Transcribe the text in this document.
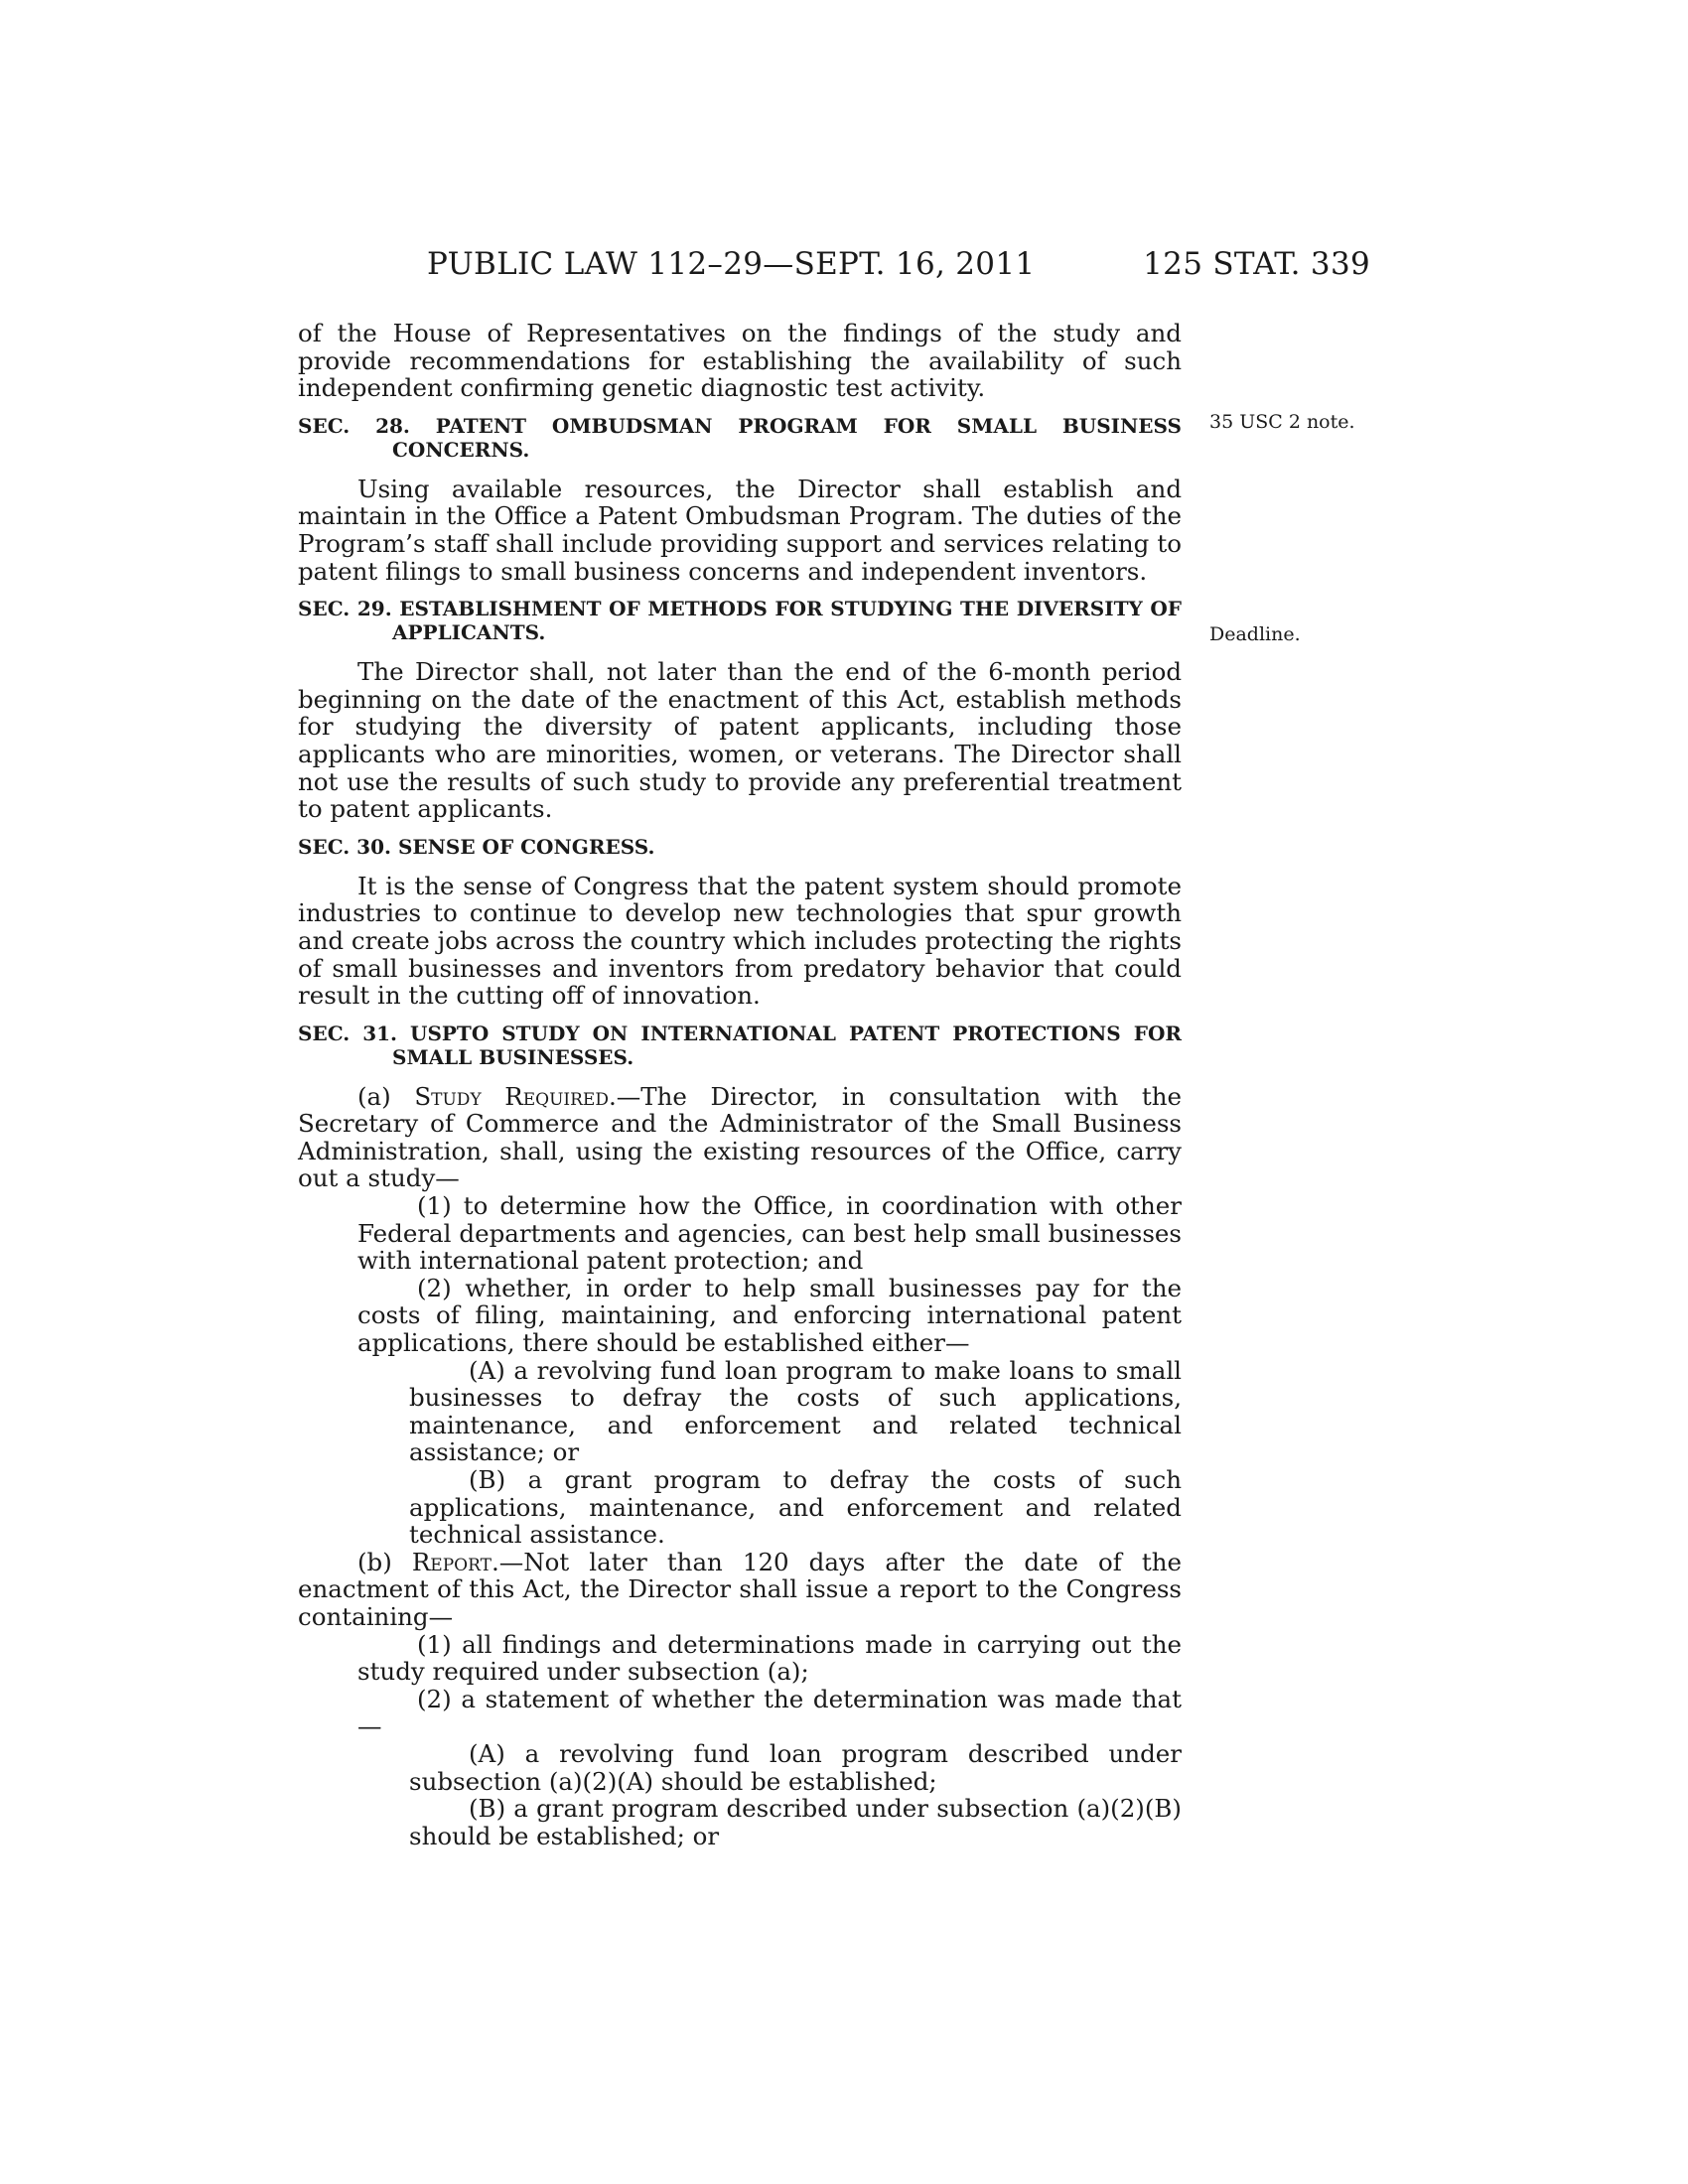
PUBLIC LAW 112–29—SEPT. 16, 2011	125 STAT. 339
35 USC 2 note.
Deadline.

of the House of Representatives on the findings of the study and provide recommendations for establishing the availability of such independent confirming genetic diagnostic test activity.

SEC. 28. PATENT OMBUDSMAN PROGRAM FOR SMALL BUSINESS CONCERNS.

Using available resources, the Director shall establish and maintain in the Office a Patent Ombudsman Program. The duties of the Program’s staff shall include providing support and services relating to patent filings to small business concerns and independent inventors.

SEC. 29. ESTABLISHMENT OF METHODS FOR STUDYING THE DIVERSITY OF APPLICANTS.

The Director shall, not later than the end of the 6-month period beginning on the date of the enactment of this Act, establish methods for studying the diversity of patent applicants, including those applicants who are minorities, women, or veterans. The Director shall not use the results of such study to provide any preferential treatment to patent applicants.

SEC. 30. SENSE OF CONGRESS.

It is the sense of Congress that the patent system should promote industries to continue to develop new technologies that spur growth and create jobs across the country which includes protecting the rights of small businesses and inventors from predatory behavior that could result in the cutting off of innovation.

SEC. 31. USPTO STUDY ON INTERNATIONAL PATENT PROTECTIONS FOR SMALL BUSINESSES.

(a) Study Required.—The Director, in consultation with the Secretary of Commerce and the Administrator of the Small Business Administration, shall, using the existing resources of the Office, carry out a study—

(1) to determine how the Office, in coordination with other Federal departments and agencies, can best help small businesses with international patent protection; and

(2) whether, in order to help small businesses pay for the costs of filing, maintaining, and enforcing international patent applications, there should be established either—

(A) a revolving fund loan program to make loans to small businesses to defray the costs of such applications, maintenance, and enforcement and related technical assistance; or

(B) a grant program to defray the costs of such applications, maintenance, and enforcement and related technical assistance.

(b) Report.—Not later than 120 days after the date of the enactment of this Act, the Director shall issue a report to the Congress containing—

(1) all findings and determinations made in carrying out the study required under subsection (a);

(2) a statement of whether the determination was made that—

(A) a revolving fund loan program described under subsection (a)(2)(A) should be established;

(B) a grant program described under subsection (a)(2)(B) should be established; or
